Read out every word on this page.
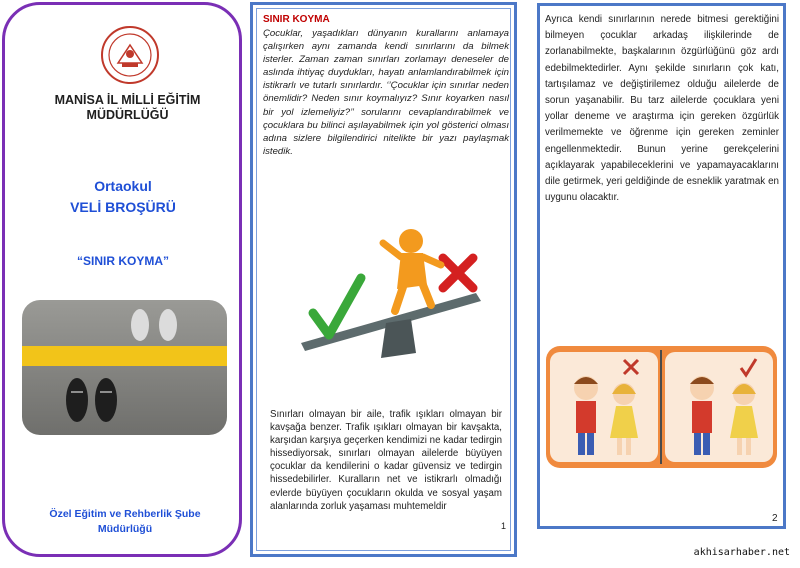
MANİSA İL MİLLİ EĞİTİM
MÜDÜRLÜĞÜ
Ortaokul
VELİ BROŞÜRÜ
“SINIR KOYMA”
Özel Eğitim ve Rehberlik Şube
Müdürlüğü
SINIR KOYMA
Çocuklar, yaşadıkları dünyanın kurallarını anlamaya çalışırken aynı zamanda kendi sınırlarını da bilmek isterler. Zaman zaman sınırları zorlamayı deneseler de aslında ihtiyaç duydukları, hayatı anlamlandırabilmek için istikrarlı ve tutarlı sınırlardır. ‘’Çocuklar için sınırlar neden önemlidir? Neden sınır koymalıyız? Sınır koyarken nasıl bir yol izlemeliyiz?’’ sorularını cevaplandırabilmek ve çocuklara bu bilinci aşılayabilmek için yol gösterici olması adına sizlere bilgilendirici nitelikte bir yazı paylaşmak istedik.
Sınırları olmayan bir aile, trafik ışıkları olmayan bir kavşağa benzer. Trafik ışıkları olmayan bir kavşakta, karşıdan karşıya geçerken kendimizi ne kadar tedirgin hissediyorsak, sınırları olmayan ailelerde büyüyen çocuklar da kendilerini o kadar güvensiz ve tedirgin hissedebilirler. Kuralların net ve istikrarlı olmadığı evlerde büyüyen çocukların okulda ve sosyal yaşam alanlarında zorluk yaşaması muhtemeldir
1
Ayrıca kendi sınırlarının nerede bitmesi gerektiğini bilmeyen çocuklar arkadaş ilişkilerinde de zorlanabilmekte, başkalarının özgürlüğünü göz ardı edebilmektedirler. Aynı şekilde sınırların çok katı, tartışılamaz ve değiştirilemez olduğu ailelerde de sorun yaşanabilir. Bu tarz ailelerde çocuklara yeni yollar deneme ve araştırma için gereken özgürlük verilmemekte ve öğrenme için gereken zeminler engellenmektedir. Bunun yerine gerekçelerini açıklayarak yapabileceklerini ve yapamayacaklarını dile getirmek, yeri geldiğinde de esneklik yaratmak en uygunu olacaktır.
2
akhisarhaber.net
